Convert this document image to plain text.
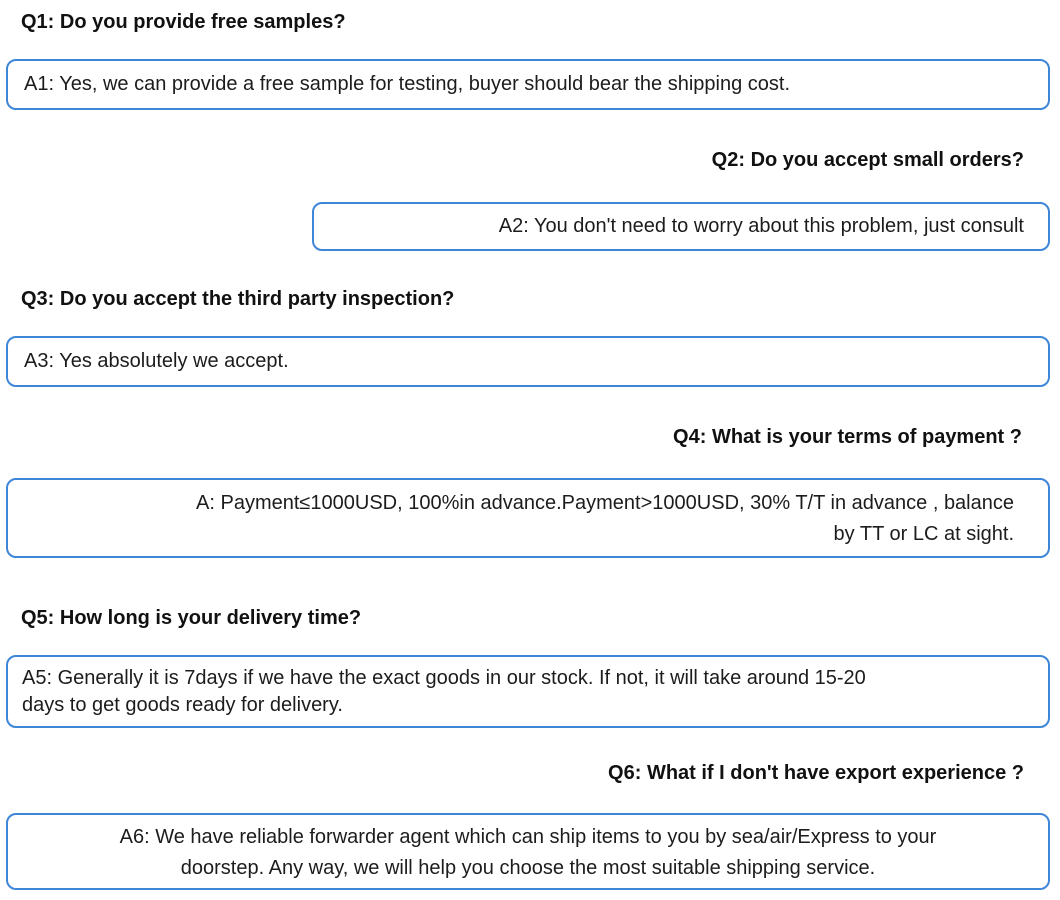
Q1: Do you provide free samples?
A1: Yes, we can provide a free sample for testing, buyer should bear the shipping cost.
Q2: Do you accept small orders?
A2: You don't need to worry about this problem, just consult
Q3: Do you accept the third party inspection?
A3: Yes absolutely we accept.
Q4: What is your terms of payment ?
A: Payment≤1000USD, 100%in advance.Payment>1000USD, 30% T/T in advance , balance
by TT or LC at sight.
Q5: How long is your delivery time?
A5: Generally it is 7days if we have the exact goods in our stock. If not, it will take around 15-20
days to get goods ready for delivery.
Q6: What if I don't have export experience ?
A6: We have reliable forwarder agent which can ship items to you by sea/air/Express to your
doorstep. Any way, we will help you choose the most suitable shipping service.
